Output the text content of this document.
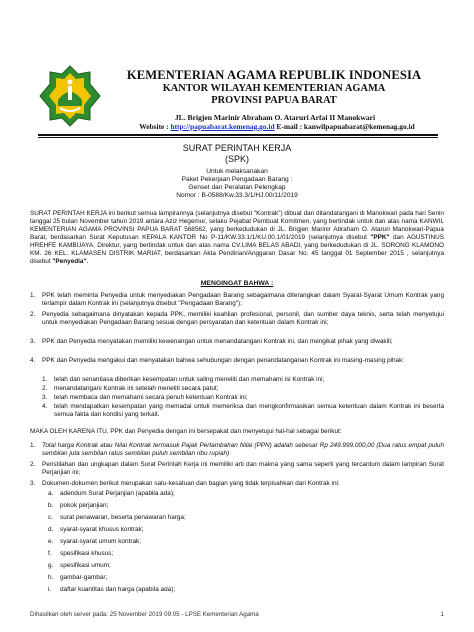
KEMENTERIAN AGAMA REPUBLIK INDONESIA
KANTOR WILAYAH KEMENTERIAN AGAMA
PROVINSI PAPUA BARAT
JL. Brigjen Marinir Abraham O. Ataruri Arfai II Manokwari
Website : http://papuabarat.kemenag.go.id E-mail : kanwilpapuabarat@kemenag.go.id
SURAT PERINTAH KERJA
(SPK)
Untuk melaksanakan
Paket Pekerjaan Pengadaan Barang :
Genset dan Peralatan Pelengkap
Nomor : B-0588/Kw.33.3/1/HJ.00/11/2019
SURAT PERINTAH KERJA ini berikut semua lampirannya (selanjutnya disebut "Kontrak") dibuat dan ditandatangani di Manokwari pada hari Senin tanggal 25 bulan November tahun 2019 antara Aziz Hegemur, selaku Pejabat Pembuat Komitmen, yang bertindak untuk dan atas nama KANWIL KEMENTERIAN AGAMA PROVINSI PAPUA BARAT 568562, yang berkedudukan di JL. Brigjen Marinir Abraham O. Ataruri Manokwari-Papua Barat, berdasarkan Surat Keputusan KEPALA KANTOR No P-11/KW.33.1/1/KU.00.1/01/2019 (selanjutnya disebut "PPK" dan AGUSTINUS HREHFE KAMBUAYA, Direktur, yang bertindak untuk dan atas nama CV.LIMA BELAS ABADI, yang berkedudukan di JL. SORONG KLAMONO KM. 26 KEL. KLAMASEN DISTRIK MARIAT, berdasarkan Akta Pendirian/Anggaran Dasar No. 45 tanggal 01 September 2015 , selanjutnya disebut "Penyedia".
MENGINGAT BAHWA :
1. PPK telah meminta Penyedia untuk menyediakan Pengadaan Barang sebagaimana diterangkan dalam Syarat-Syarat Umum Kontrak yang terlampir dalam Kontrak ini (selanjutnya disebut "Pengadaan Barang");
2. Penyedia sebagaimana dinyatakan kepada PPK, memiliki keahlian profesional, personil, dan sumber daya teknis, serta telah menyetujui untuk menyediakan Pengadaan Barang sesuai dengan persyaratan dan ketentuan dalam Kontrak ini;
3. PPK dan Penyedia menyatakan memiliki kewenangan untuk menandatangani Kontrak ini, dan mengikat pihak yang diwakili;
4. PPK dan Penyedia mengakui dan menyatakan bahwa sehubungan dengan penandatanganan Kontrak ini masing-masing pihak:
1. telah dan senantiasa diberikan kesempatan untuk saling meneliti dan memahami isi Kontrak ini;
2. menandatangani Kontrak ini setelah meneliti secara patut;
3. telah membaca dan memahami secara penuh ketentuan Kontrak ini;
4. telah mendapatkan kesempatan yang memadai untuk memeriksa dan mengkonfirmasikan semua ketentuan dalam Kontrak ini beserta semua fakta dan kondisi yang terkait.
MAKA OLEH KARENA ITU, PPK dan Penyedia dengan ini bersepakat dan menyetujui hal-hal sebagai berikut:
1. Total harga Kontrak atau Nilai Kontrak termasuk Pajak Pertambahan Nilai (PPN) adalah sebesar Rp 249.999.000,00 (Dua ratus empat puluh sembilan juta sembilan ratus sembilan puluh sembilan ribu rupiah)
2. Peristilahan dan ungkapan dalam Surat Perintah Kerja ini memiliki arti dan makna yang sama seperti yang tercantum dalam lampiran Surat Perjanjian ini;
3. Dokumen-dokumen berikut merupakan satu-kesatuan dan bagian yang tidak terpisahkan dari Kontrak ini:
a. adendum Surat Perjanjian (apabila ada);
b. pokok perjanjian;
c. surat penawaran, beserta penawaran harga;
d. syarat-syarat khusus kontrak;
e. syarat-syarat umum kontrak;
f. spesifikasi khusus;
g. spesifikasi umum;
h. gambar-gambar;
i. daftar kuantitas dan harga (apabila ada);
Dihasilkan oleh server pada: 25 November 2019 09:05 - LPSE Kementerian Agama	1
